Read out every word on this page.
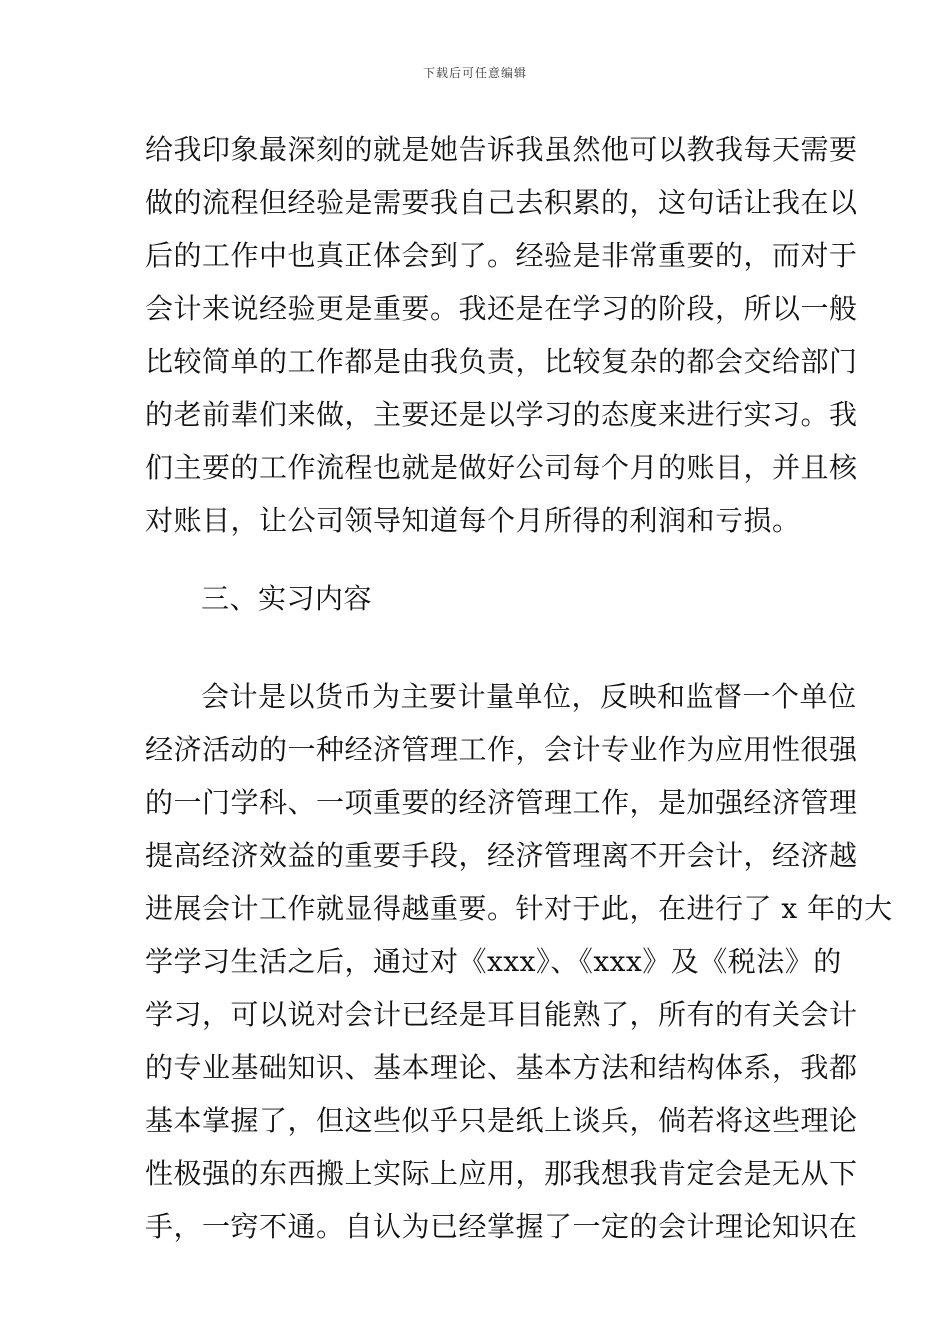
下载后可任意编辑
给我印象最深刻的就是她告诉我虽然他可以教我每天需要
做的流程但经验是需要我自己去积累的，这句话让我在以
后的工作中也真正体会到了。经验是非常重要的，而对于
会计来说经验更是重要。我还是在学习的阶段，所以一般
比较简单的工作都是由我负责，比较复杂的都会交给部门
的老前辈们来做，主要还是以学习的态度来进行实习。我
们主要的工作流程也就是做好公司每个月的账目，并且核
对账目，让公司领导知道每个月所得的利润和亏损。
三、实习内容
会计是以货币为主要计量单位，反映和监督一个单位
经济活动的一种经济管理工作，会计专业作为应用性很强
的一门学科、一项重要的经济管理工作，是加强经济管理
提高经济效益的重要手段，经济管理离不开会计，经济越
进展会计工作就显得越重要。针对于此，在进行了 x 年的大
学学习生活之后，通过对《xxx》、《xxx》及《税法》的
学习，可以说对会计已经是耳目能熟了，所有的有关会计
的专业基础知识、基本理论、基本方法和结构体系，我都
基本掌握了，但这些似乎只是纸上谈兵，倘若将这些理论
性极强的东西搬上实际上应用，那我想我肯定会是无从下
手，一窍不通。自认为已经掌握了一定的会计理论知识在
